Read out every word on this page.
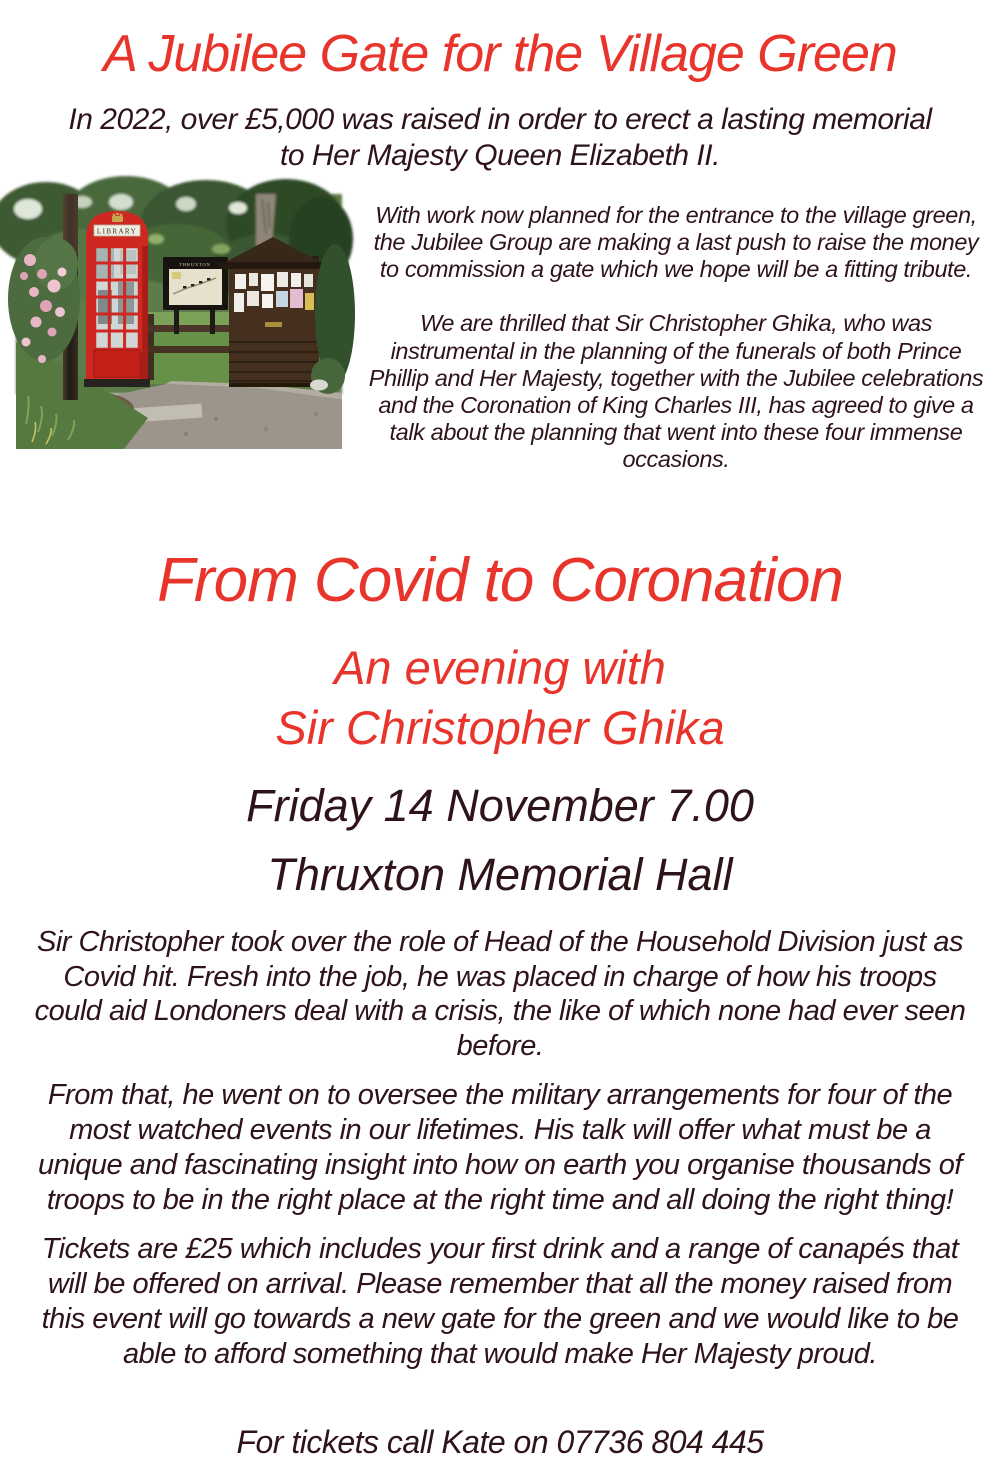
A Jubilee Gate for the Village Green

In 2022, over £5,000 was raised in order to erect a lasting memorial to Her Majesty Queen Elizabeth II.

THRUXTON
LIBRARY

With work now planned for the entrance to the village green, the Jubilee Group are making a last push to raise the money to commission a gate which we hope will be a fitting tribute.

We are thrilled that Sir Christopher Ghika, who was instrumental in the planning of the funerals of both Prince Phillip and Her Majesty, together with the Jubilee celebrations and the Coronation of King Charles III, has agreed to give a talk about the planning that went into these four immense occasions.

From Covid to Coronation
An evening with
Sir Christopher Ghika
Friday 14 November 7.00
Thruxton Memorial Hall

Sir Christopher took over the role of Head of the Household Division just as Covid hit. Fresh into the job, he was placed in charge of how his troops could aid Londoners deal with a crisis, the like of which none had ever seen before.

From that, he went on to oversee the military arrangements for four of the most watched events in our lifetimes. His talk will offer what must be a unique and fascinating insight into how on earth you organise thousands of troops to be in the right place at the right time and all doing the right thing!

Tickets are £25 which includes your first drink and a range of canapés that will be offered on arrival. Please remember that all the money raised from this event will go towards a new gate for the green and we would like to be able to afford something that would make Her Majesty proud.

For tickets call Kate on 07736 804 445
